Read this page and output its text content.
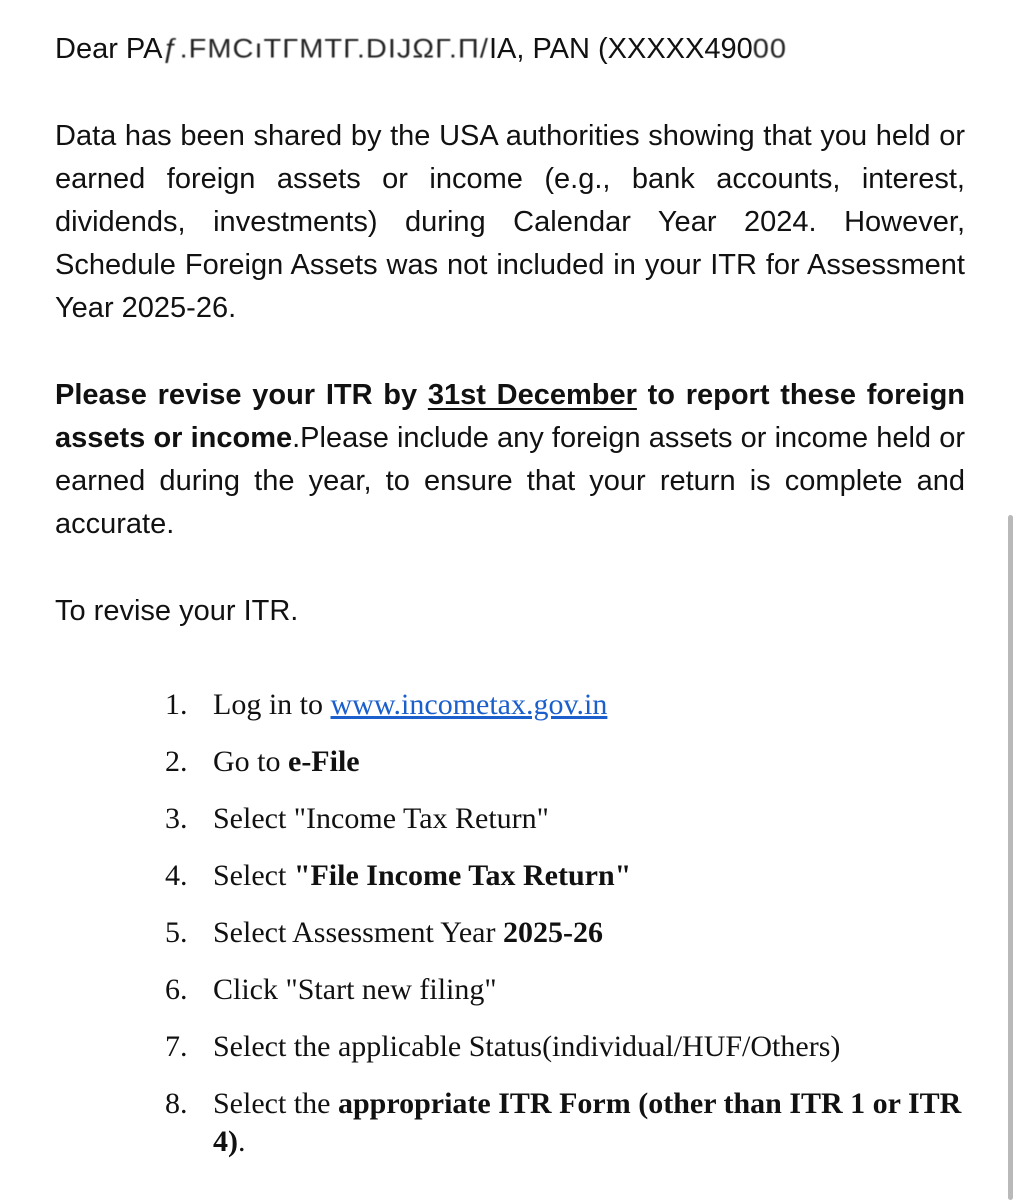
Dear PAƒ.FMCıTΓΜTΓ.DΙJΩΓ.Π/IA, PAN (XXXXX49000

Data has been shared by the USA authorities showing that you held or earned foreign assets or income (e.g., bank accounts, interest, dividends, investments) during Calendar Year 2024. However, Schedule Foreign Assets was not included in your ITR for Assessment Year 2025-26.

Please revise your ITR by 31st December to report these foreign assets or income.Please include any foreign assets or income held or earned during the year, to ensure that your return is complete and accurate.

To revise your ITR.
1. Log in to www.incometax.gov.in
2. Go to e-File
3. Select "Income Tax Return"
4. Select "File Income Tax Return"
5. Select Assessment Year 2025-26
6. Click "Start new filing"
7. Select the applicable Status(individual/HUF/Others)
8. Select the appropriate ITR Form (other than ITR 1 or ITR 4).
